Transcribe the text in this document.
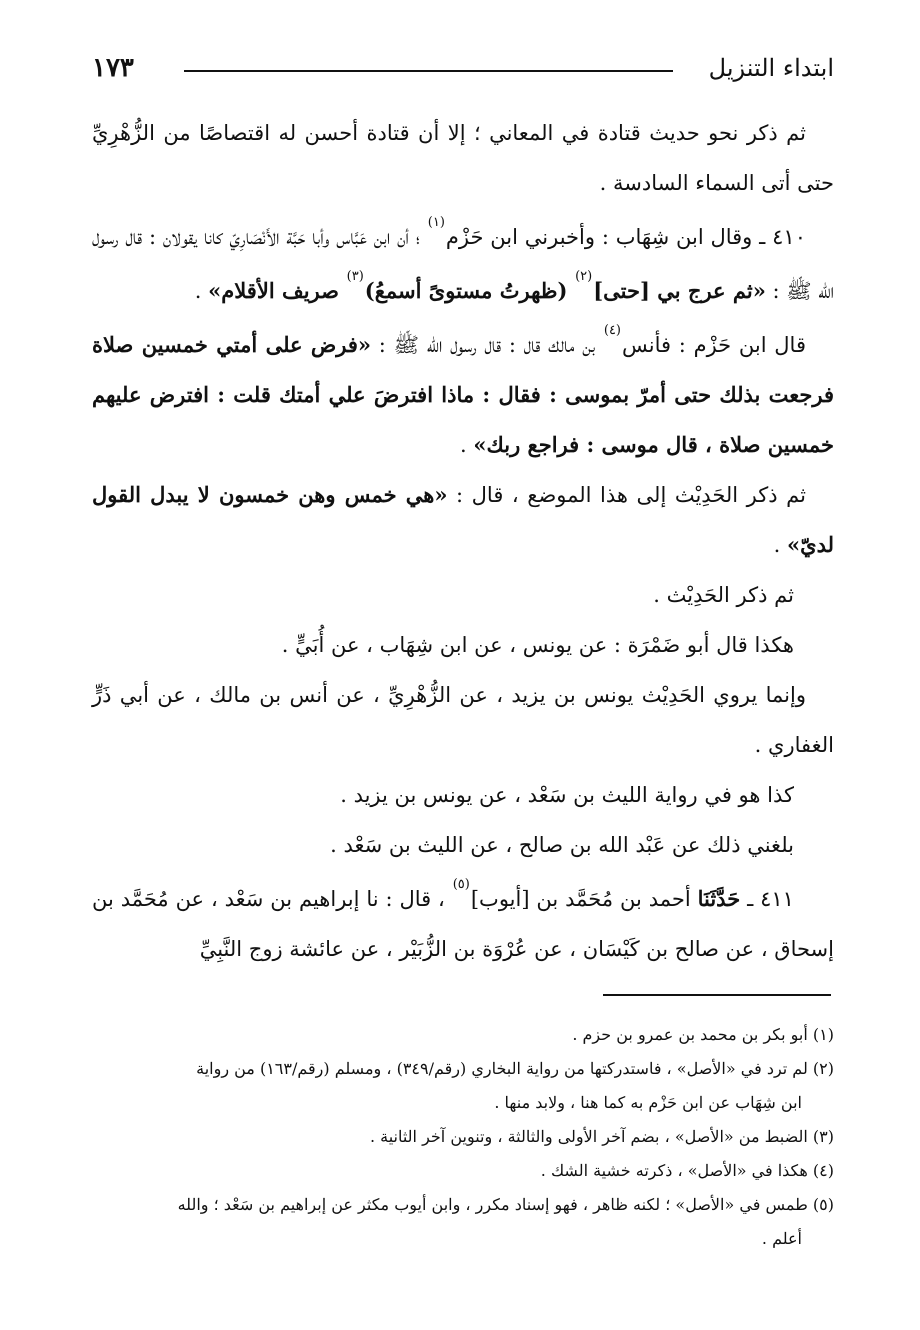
ابتداء التنزيل
١٧٣

ثم ذكر نحو حديث قتادة في المعاني ؛ إلا أن قتادة أحسن له اقتصاصًا من الزُّهْرِيِّ حتى أتى السماء السادسة .

٤١٠ ـ وقال ابن شِهَاب : وأخبرني ابن حَزْم$^{(١)}$ ؛ أن ابن عَبَّاس وأبا حَبَّة الأَنْصَارِيّ كانا يقولان : قال رسول الله ﷺ : «ثم عرج بي [حتى]$^{(٢)}$ (ظهرتُ مستوىً أسمعُ)$^{(٣)}$ صريف الأقلام» .

قال ابن حَزْم : فأنس$^{(٤)}$ بن مالك قال : قال رسول الله ﷺ : «فرض على أمتي خمسين صلاة فرجعت بذلك حتى أمرّ بموسى : فقال : ماذا افترضَ علي أمتك قلت : افترض عليهم خمسين صلاة ، قال موسى : فراجع ربك» .

ثم ذكر الحَدِيْث إلى هذا الموضع ، قال : «هي خمس وهن خمسون لا يبدل القول لديّ» .

ثم ذكر الحَدِيْث .

هكذا قال أبو ضَمْرَة : عن يونس ، عن ابن شِهَاب ، عن أُبَيٍّ .

وإنما يروي الحَدِيْث يونس بن يزيد ، عن الزُّهْرِيِّ ، عن أنس بن مالك ، عن أبي ذَرٍّ الغفاري .

كذا هو في رواية الليث بن سَعْد ، عن يونس بن يزيد .

بلغني ذلك عن عَبْد الله بن صالح ، عن الليث بن سَعْد .

٤١١ ـ حَدَّثَنَا أحمد بن مُحَمَّد بن [أيوب]$^{(٥)}$ ، قال : نا إبراهيم بن سَعْد ، عن مُحَمَّد بن إسحاق ، عن صالح بن كَيْسَان ، عن عُرْوَة بن الزُّبَيْر ، عن عائشة زوج النَّبِيِّ

(١) أبو بكر بن محمد بن عمرو بن حزم .

(٢) لم ترد في «الأصل» ، فاستدركتها من رواية البخاري (رقم/٣٤٩) ، ومسلم (رقم/١٦٣) من رواية

ابن شِهَاب عن ابن حَزْم به كما هنا ، ولابد منها .

(٣) الضبط من «الأصل» ، بضم آخر الأولى والثالثة ، وتنوين آخر الثانية .

(٤) هكذا في «الأصل» ، ذكرته خشية الشك .

(٥) طمس في «الأصل» ؛ لكنه ظاهر ، فهو إسناد مكرر ، وابن أيوب مكثر عن إبراهيم بن سَعْد ؛ والله

أعلم .
